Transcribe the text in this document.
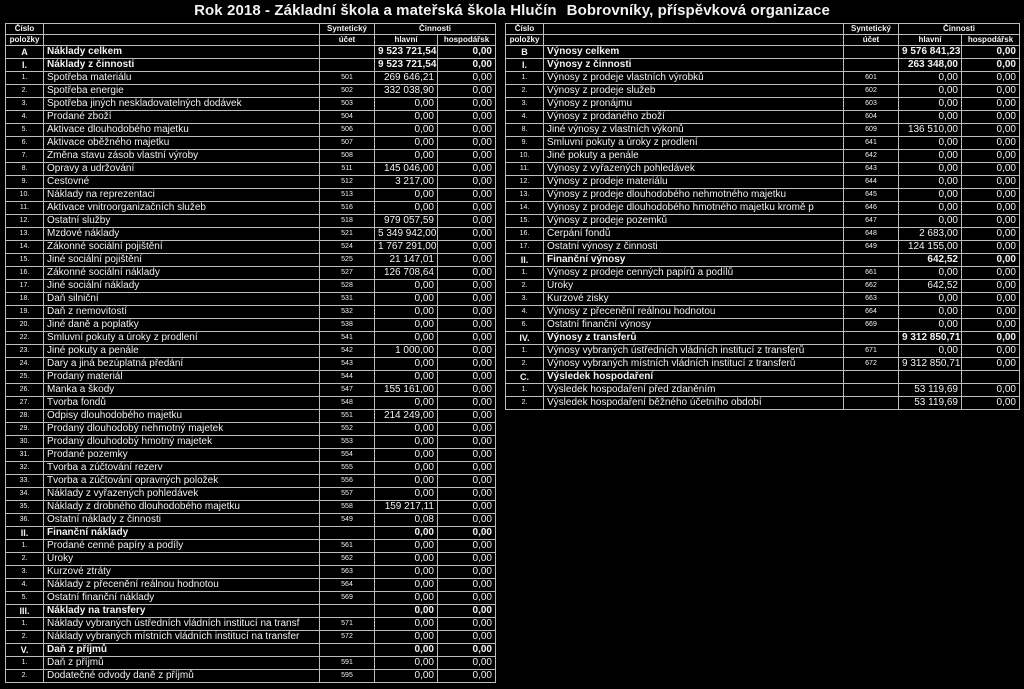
Rok 2018 - Základní škola a mateřská škola Hlučín Bobrovníky, příspěvková organizace
Číslo		Syntetický	Činnosti	
položky		účet	hlavní	hospodářsk
A	Náklady celkem		9 523 721,54	0,00
I.	Náklady z činnosti		9 523 721,54	0,00
1.	Spotřeba materiálu	501	269 646,21	0,00
2.	Spotřeba energie	502	332 038,90	0,00
3.	Spotřeba jiných neskladovatelných dodávek	503	0,00	0,00
4.	Prodané zboží	504	0,00	0,00
5.	Aktivace dlouhodobého majetku	506	0,00	0,00
6.	Aktivace oběžného majetku	507	0,00	0,00
7.	Změna stavu zásob vlastní výroby	508	0,00	0,00
8.	Opravy a udržování	511	145 046,00	0,00
9.	Cestovné	512	3 217,00	0,00
10.	Náklady na reprezentaci	513	0,00	0,00
11.	Aktivace vnitroorganizačních služeb	516	0,00	0,00
12.	Ostatní služby	518	979 057,59	0,00
13.	Mzdové náklady	521	5 349 942,00	0,00
14.	Zákonné sociální pojištění	524	1 767 291,00	0,00
15.	Jiné sociální pojištění	525	21 147,01	0,00
16.	Zákonné sociální náklady	527	126 708,64	0,00
17.	Jiné sociální náklady	528	0,00	0,00
18.	Daň silniční	531	0,00	0,00
19.	Daň z nemovitostí	532	0,00	0,00
20.	Jiné daně a poplatky	538	0,00	0,00
22.	Smluvní pokuty a úroky z prodlení	541	0,00	0,00
23.	Jiné pokuty a penále	542	1 000,00	0,00
24.	Dary a jiná bezúplatná předání	543	0,00	0,00
25.	Prodaný materiál	544	0,00	0,00
26.	Manka a škody	547	155 161,00	0,00
27.	Tvorba fondů	548	0,00	0,00
28.	Odpisy dlouhodobého majetku	551	214 249,00	0,00
29.	Prodaný dlouhodobý nehmotný majetek	552	0,00	0,00
30.	Prodaný dlouhodobý hmotný majetek	553	0,00	0,00
31.	Prodané pozemky	554	0,00	0,00
32.	Tvorba a zúčtování rezerv	555	0,00	0,00
33.	Tvorba a zúčtování opravných položek	556	0,00	0,00
34.	Náklady z vyřazených pohledávek	557	0,00	0,00
35.	Náklady z drobného dlouhodobého majetku	558	159 217,11	0,00
36.	Ostatní náklady z činnosti	549	0,08	0,00
II.	Finanční náklady		0,00	0,00
1.	Prodané cenné papíry a podíly	561	0,00	0,00
2.	Úroky	562	0,00	0,00
3.	Kurzové ztráty	563	0,00	0,00
4.	Náklady z přecenění reálnou hodnotou	564	0,00	0,00
5.	Ostatní finanční náklady	569	0,00	0,00
III.	Náklady na transfery		0,00	0,00
1.	Náklady vybraných ústředních vládních institucí na transf	571	0,00	0,00
2.	Náklady vybraných místních vládních institucí na transfer	572	0,00	0,00
V.	Daň z příjmů		0,00	0,00
1.	Daň z příjmů	591	0,00	0,00
2.	Dodatečné odvody daně z příjmů	595	0,00	0,00
Číslo		Syntetický	Činnosti	
položky		účet	hlavní	hospodářsk
B	Výnosy celkem		9 576 841,23	0,00
I.	Výnosy z činnosti		263 348,00	0,00
1.	Výnosy z prodeje vlastních výrobků	601	0,00	0,00
2.	Výnosy z prodeje služeb	602	0,00	0,00
3.	Výnosy z pronájmu	603	0,00	0,00
4.	Výnosy z prodaného zboží	604	0,00	0,00
8.	Jiné výnosy z vlastních výkonů	609	136 510,00	0,00
9.	Smluvní pokuty a úroky z prodlení	641	0,00	0,00
10.	Jiné pokuty a penále	642	0,00	0,00
11.	Výnosy z vyřazených pohledávek	643	0,00	0,00
12.	Výnosy z prodeje materiálu	644	0,00	0,00
13.	Výnosy z prodeje dlouhodobého nehmotného majetku	645	0,00	0,00
14.	Výnosy z prodeje dlouhodobého hmotného majetku kromě p	646	0,00	0,00
15.	Výnosy z prodeje pozemků	647	0,00	0,00
16.	Čerpání fondů	648	2 683,00	0,00
17.	Ostatní výnosy z činnosti	649	124 155,00	0,00
II.	Finanční výnosy		642,52	0,00
1.	Výnosy z prodeje cenných papírů a podílů	661	0,00	0,00
2.	Úroky	662	642,52	0,00
3.	Kurzové zisky	663	0,00	0,00
4.	Výnosy z přecenění reálnou hodnotou	664	0,00	0,00
6.	Ostatní finanční výnosy	669	0,00	0,00
IV.	Výnosy z transferů		9 312 850,71	0,00
1.	Výnosy vybraných ústředních vládních institucí z transferů	671	0,00	0,00
2.	Výnosy vybraných místních vládních institucí z transferů	672	9 312 850,71	0,00
C.	Výsledek hospodaření			
1.	Výsledek hospodaření před zdaněním		53 119,69	0,00
2.	Výsledek hospodaření běžného účetního období		53 119,69	0,00
